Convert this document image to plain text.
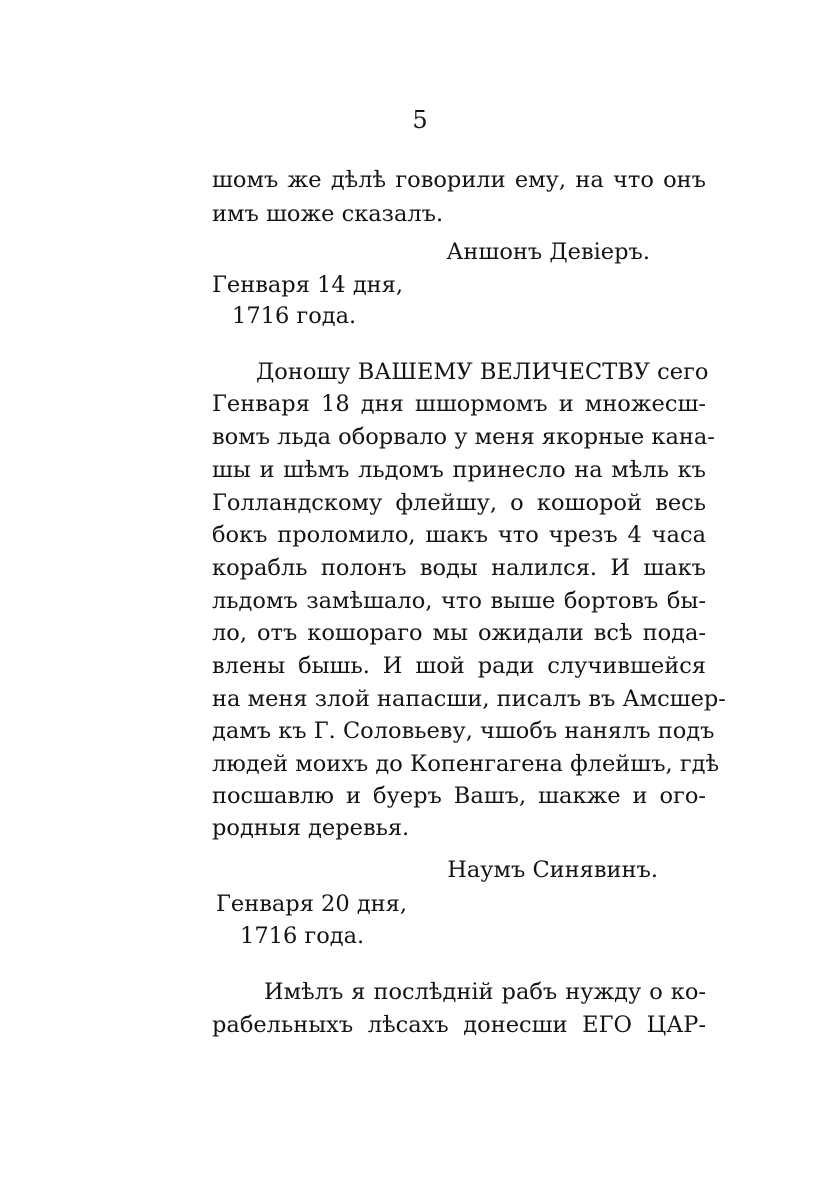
5
шомъ же дѣлѣ говорили ему, на что онъ
имъ шоже сказалъ.
Аншонъ Девіеръ.
Генваря 14 дня,
1716 года.
Доношу ВАШЕМУ ВЕЛИЧЕСТВУ сего
Генваря 18 дня шшормомъ и множесш-
вомъ льда оборвало у меня якорные кана-
шы и шѣмъ льдомъ принесло на мѣль къ
Голландскому флейшу, о кошорой весь
бокъ проломило, шакъ что чрезъ 4 часа
корабль полонъ воды налился. И шакъ
льдомъ замѣшало, что выше бортовъ бы-
ло, отъ кошораго мы ожидали всѣ пода-
влены бышь. И шой ради случившейся
на меня злой напасши, писалъ въ Амсшер-
дамъ къ Г. Соловьеву, чшобъ нанялъ подъ
людей моихъ до Копенгагена флейшъ, гдѣ
посшавлю и буеръ Вашъ, шакже и ого-
родныя деревья.
Наумъ Синявинъ.
Генваря 20 дня,
1716 года.
Имѣлъ я послѣдній рабъ нужду о ко-
рабельныхъ лѣсахъ донесши ЕГО ЦАР-
